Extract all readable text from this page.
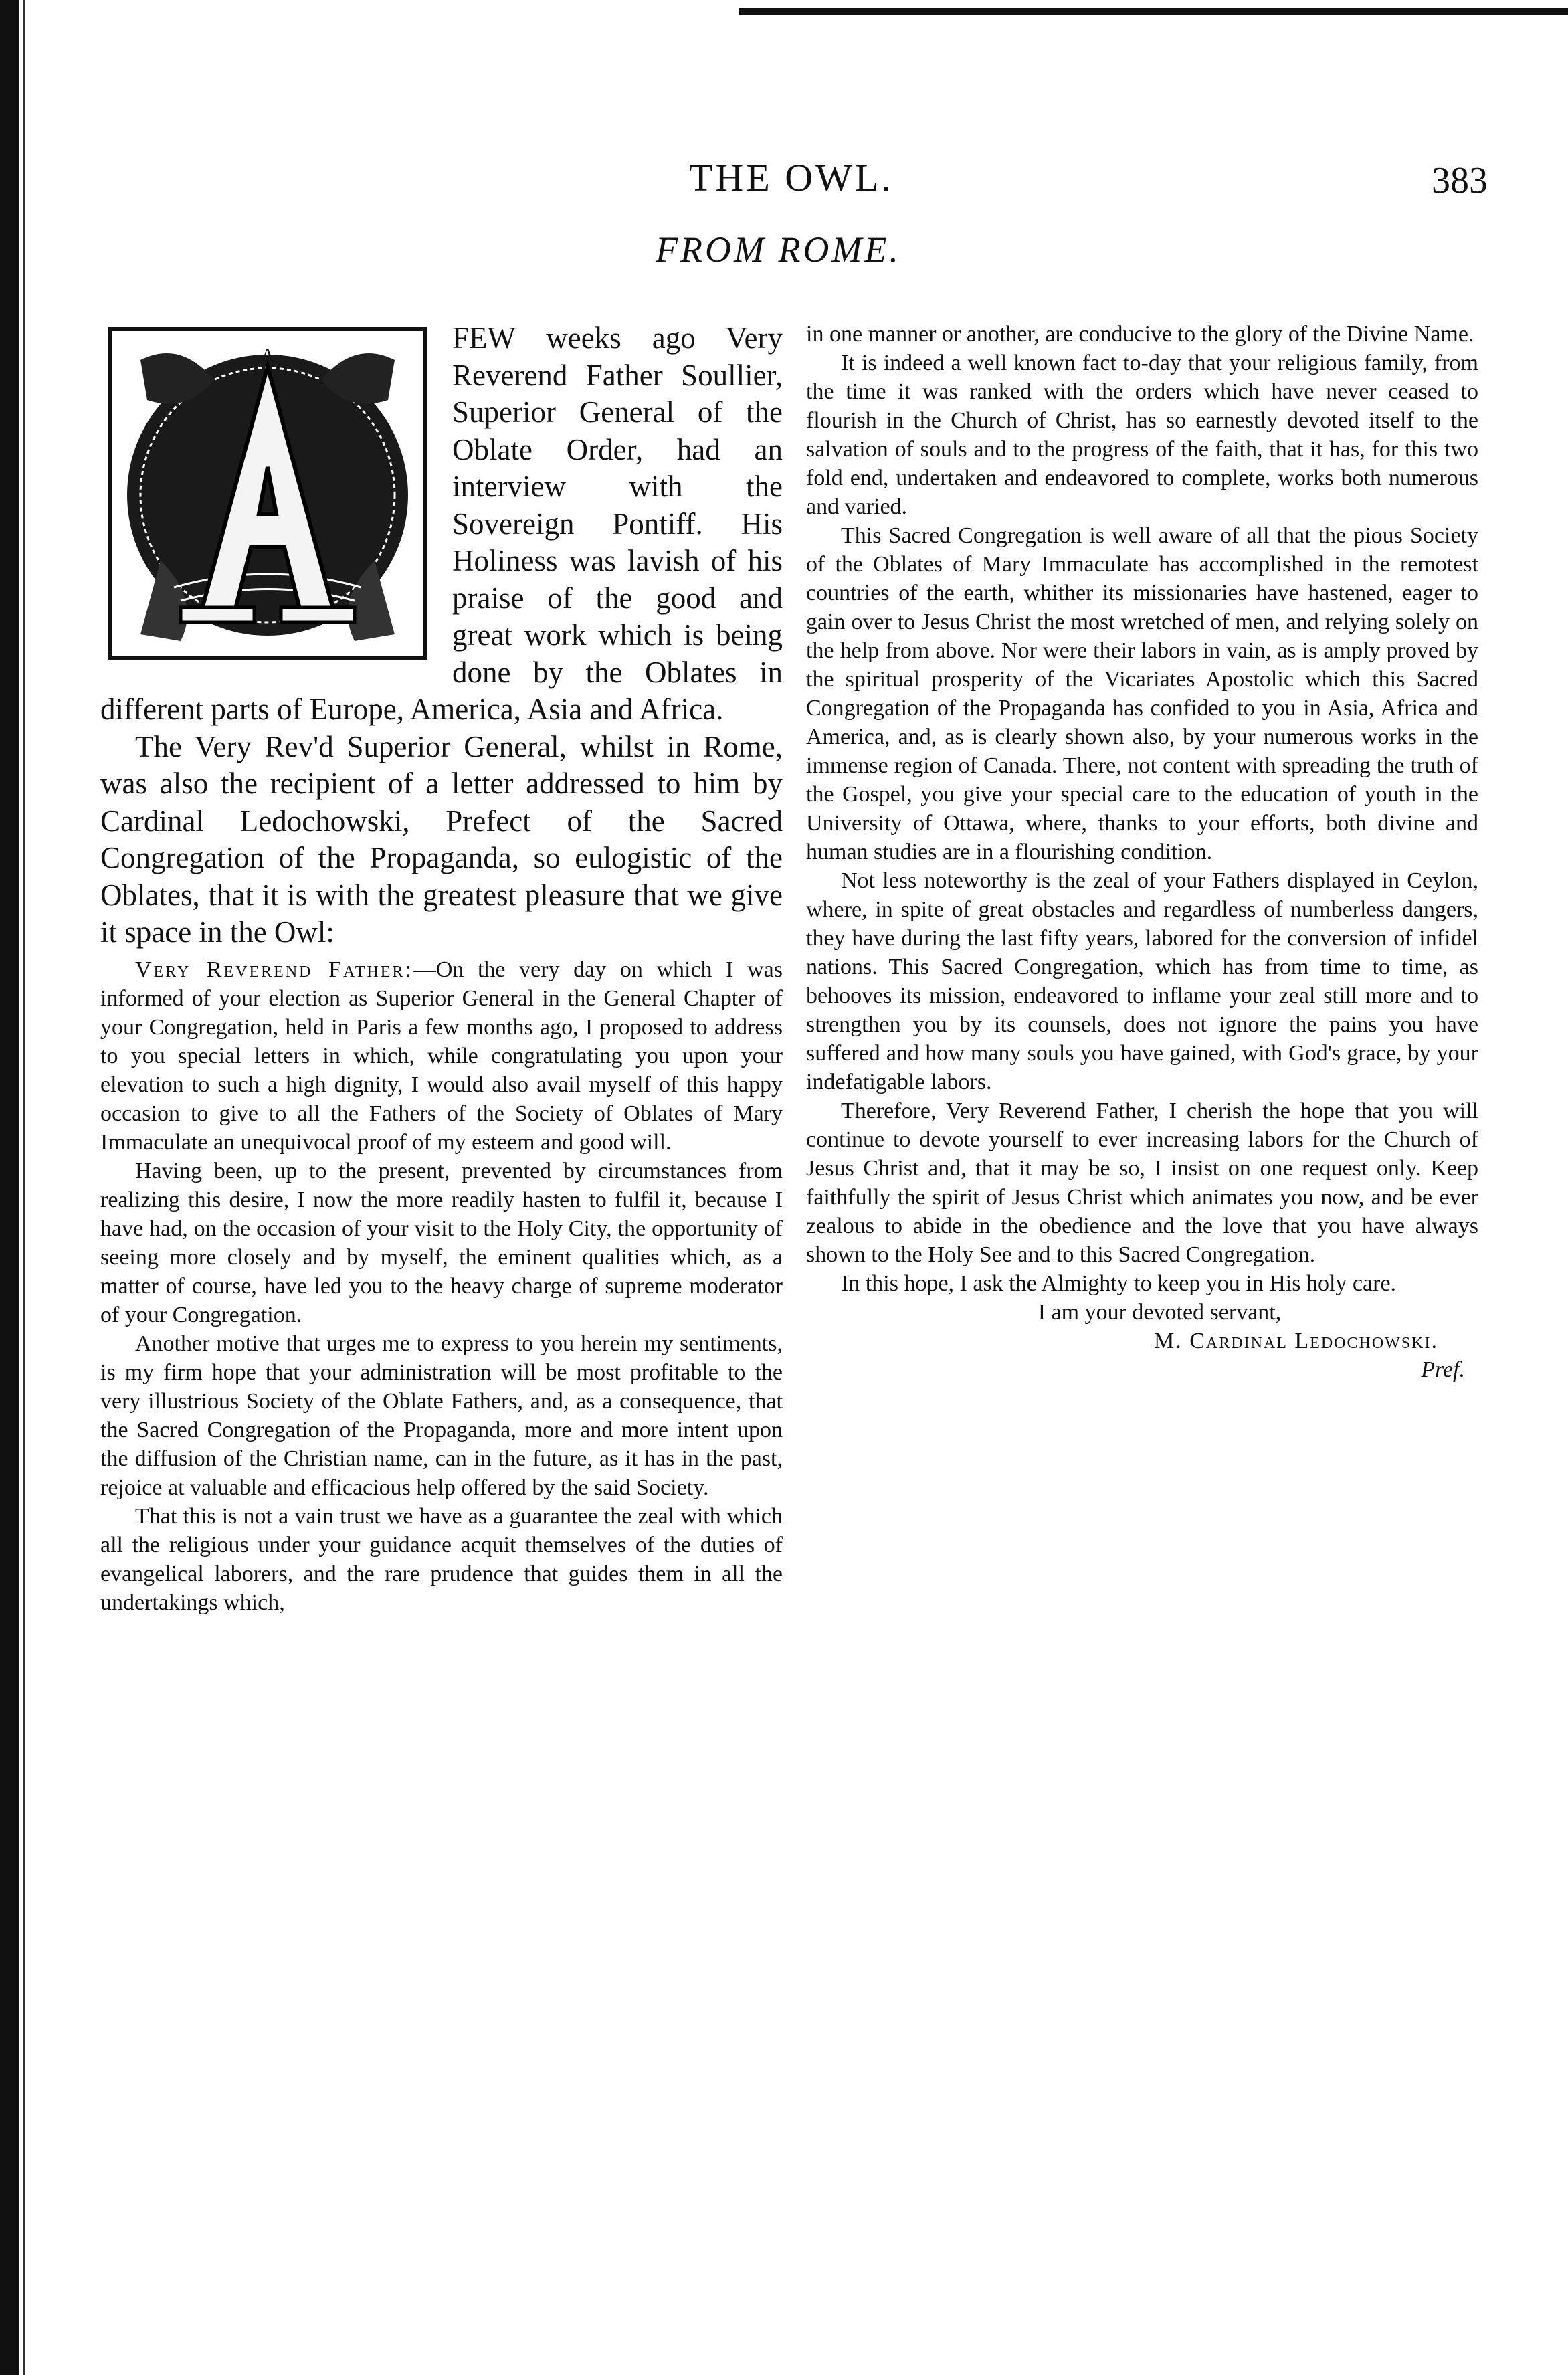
THE OWL.	383
FROM ROME.
A
FEW weeks ago Very Reverend Father Soullier, Superior General of the Oblate Order, had an interview with the Sovereign Pontiff. His Holiness was lavish of his praise of the good and great work which is being done by the Oblates in different parts of Europe, America, Asia and Africa.

The Very Rev'd Superior General, whilst in Rome, was also the recipient of a letter addressed to him by Cardinal Ledochowski, Prefect of the Sacred Congregation of the Propaganda, so eulogistic of the Oblates, that it is with the greatest pleasure that we give it space in the Owl:

Very Reverend Father:—On the very day on which I was informed of your election as Superior General in the General Chapter of your Congregation, held in Paris a few months ago, I proposed to address to you special letters in which, while congratulating you upon your elevation to such a high dignity, I would also avail myself of this happy occasion to give to all the Fathers of the Society of Oblates of Mary Immaculate an unequivocal proof of my esteem and good will.

Having been, up to the present, prevented by circumstances from realizing this desire, I now the more readily hasten to fulfil it, because I have had, on the occasion of your visit to the Holy City, the opportunity of seeing more closely and by myself, the eminent qualities which, as a matter of course, have led you to the heavy charge of supreme moderator of your Congregation.

Another motive that urges me to express to you herein my sentiments, is my firm hope that your administration will be most profitable to the very illustrious Society of the Oblate Fathers, and, as a consequence, that the Sacred Congregation of the Propaganda, more and more intent upon the diffusion of the Christian name, can in the future, as it has in the past, rejoice at valuable and efficacious help offered by the said Society.

That this is not a vain trust we have as a guarantee the zeal with which all the religious under your guidance acquit themselves of the duties of evangelical laborers, and the rare prudence that guides them in all the undertakings which,

in one manner or another, are conducive to the glory of the Divine Name.

It is indeed a well known fact to-day that your religious family, from the time it was ranked with the orders which have never ceased to flourish in the Church of Christ, has so earnestly devoted itself to the salvation of souls and to the progress of the faith, that it has, for this two fold end, undertaken and endeavored to complete, works both numerous and varied.

This Sacred Congregation is well aware of all that the pious Society of the Oblates of Mary Immaculate has accomplished in the remotest countries of the earth, whither its missionaries have hastened, eager to gain over to Jesus Christ the most wretched of men, and relying solely on the help from above. Nor were their labors in vain, as is amply proved by the spiritual prosperity of the Vicariates Apostolic which this Sacred Congregation of the Propaganda has confided to you in Asia, Africa and America, and, as is clearly shown also, by your numerous works in the immense region of Canada. There, not content with spreading the truth of the Gospel, you give your special care to the education of youth in the University of Ottawa, where, thanks to your efforts, both divine and human studies are in a flourishing condition.

Not less noteworthy is the zeal of your Fathers displayed in Ceylon, where, in spite of great obstacles and regardless of numberless dangers, they have during the last fifty years, labored for the conversion of infidel nations. This Sacred Congregation, which has from time to time, as behooves its mission, endeavored to inflame your zeal still more and to strengthen you by its counsels, does not ignore the pains you have suffered and how many souls you have gained, with God's grace, by your indefatigable labors.

Therefore, Very Reverend Father, I cherish the hope that you will continue to devote yourself to ever increasing labors for the Church of Jesus Christ and, that it may be so, I insist on one request only. Keep faithfully the spirit of Jesus Christ which animates you now, and be ever zealous to abide in the obedience and the love that you have always shown to the Holy See and to this Sacred Congregation.

In this hope, I ask the Almighty to keep you in His holy care.

I am your devoted servant,

M. Cardinal Ledochowski.

Pref.
